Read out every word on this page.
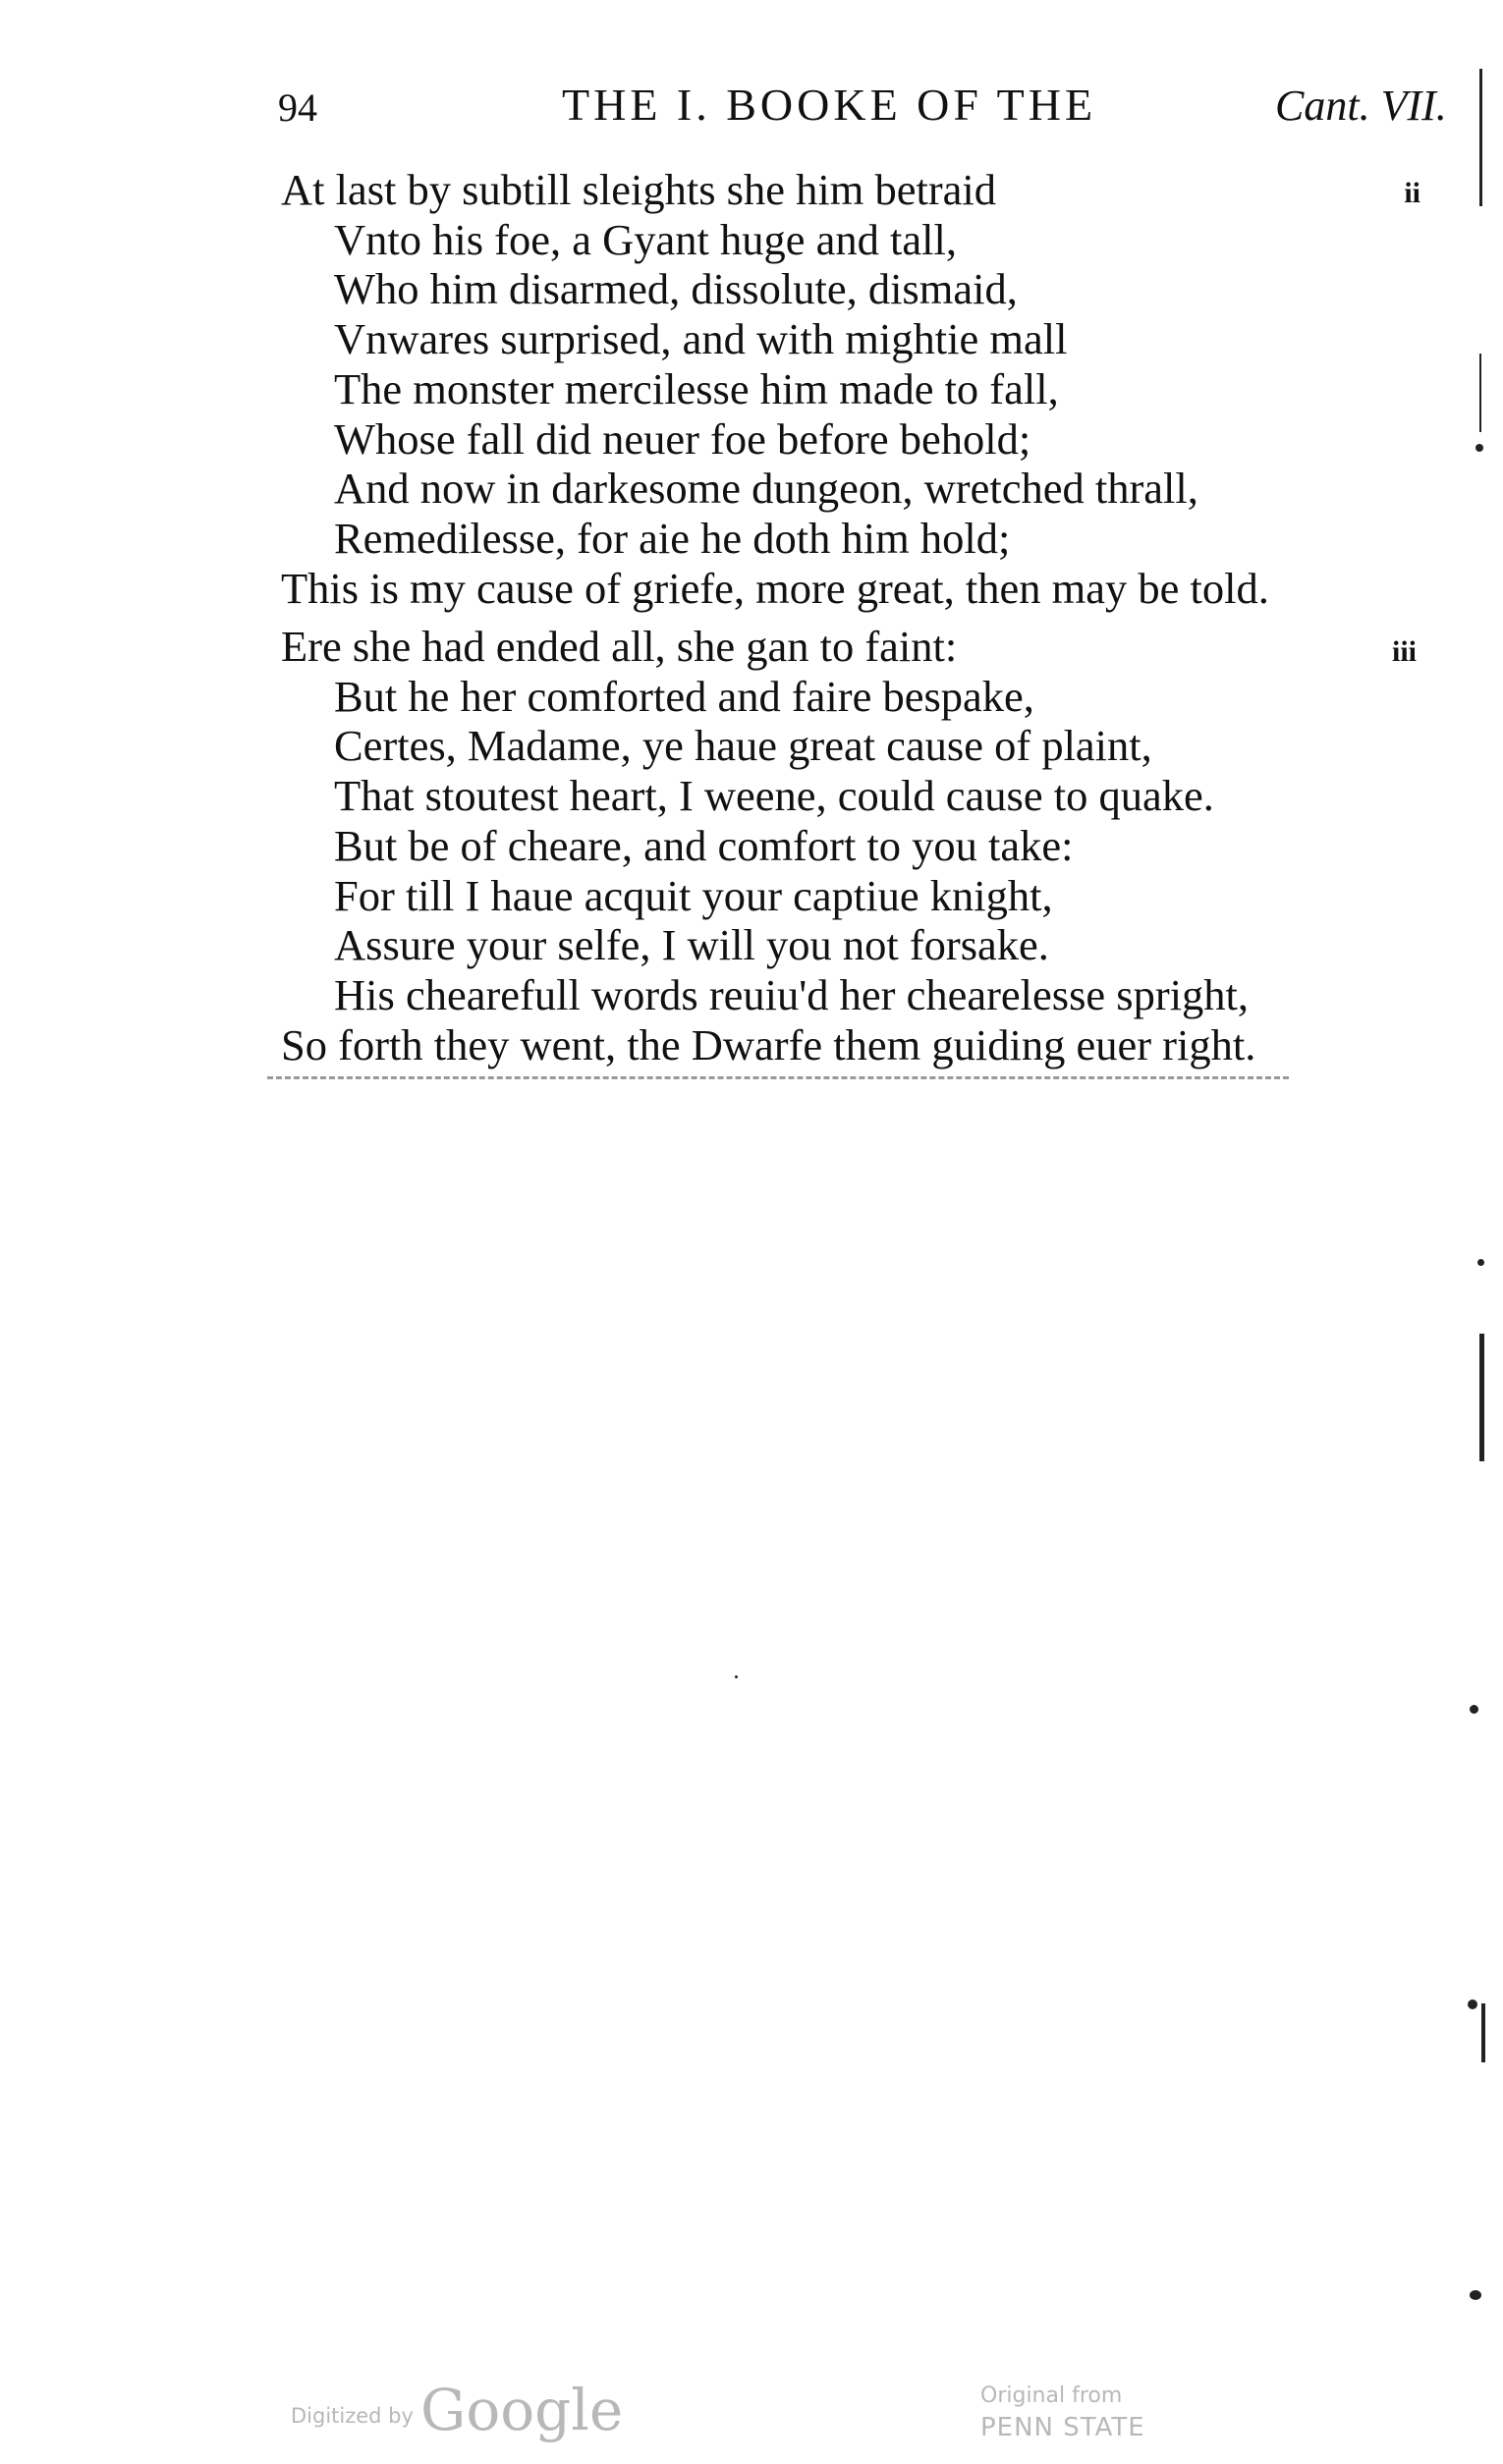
94	THE I. BOOKE OF THE	Cant. VII.
ii
At last by subtill sleights she him betraid
Vnto his foe, a Gyant huge and tall,
Who him disarmed, dissolute, dismaid,
Vnwares surprised, and with mightie mall
The monster mercilesse him made to fall,
Whose fall did neuer foe before behold;
And now in darkesome dungeon, wretched thrall,
Remedilesse, for aie he doth him hold;
This is my cause of griefe, more great, then may be told.
iii
Ere she had ended all, she gan to faint:
But he her comforted and faire bespake,
Certes, Madame, ye haue great cause of plaint,
That stoutest heart, I weene, could cause to quake.
But be of cheare, and comfort to you take:
For till I haue acquit your captiue knight,
Assure your selfe, I will you not forsake.
His chearefull words reuiu'd her chearelesse spright,
So forth they went, the Dwarfe them guiding euer right.
Digitized by Google	Original from
PENN STATE
